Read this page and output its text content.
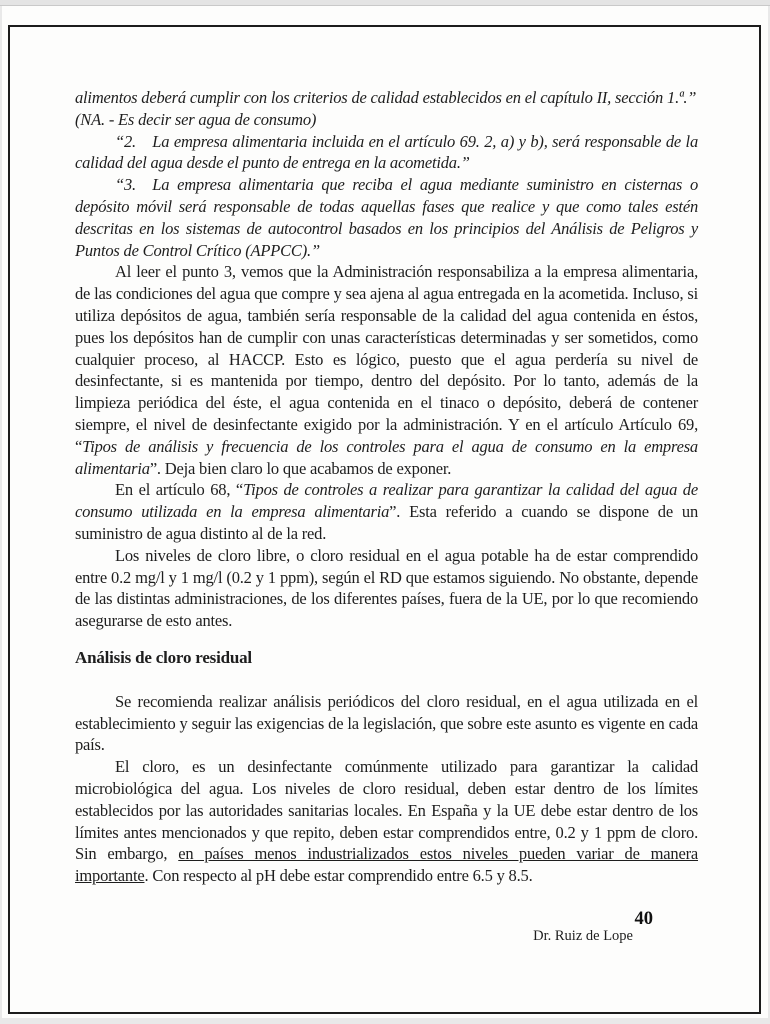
alimentos deberá cumplir con los criterios de calidad establecidos en el capítulo II, sección 1.ª.”

(NA. - Es decir ser agua de consumo)

“2. La empresa alimentaria incluida en el artículo 69. 2, a) y b), será responsable de la calidad del agua desde el punto de entrega en la acometida.”

“3. La empresa alimentaria que reciba el agua mediante suministro en cisternas o depósito móvil será responsable de todas aquellas fases que realice y que como tales estén descritas en los sistemas de autocontrol basados en los principios del Análisis de Peligros y Puntos de Control Crítico (APPCC).”

Al leer el punto 3, vemos que la Administración responsabiliza a la empresa alimentaria, de las condiciones del agua que compre y sea ajena al agua entregada en la acometida. Incluso, si utiliza depósitos de agua, también sería responsable de la calidad del agua contenida en éstos, pues los depósitos han de cumplir con unas características determinadas y ser sometidos, como cualquier proceso, al HACCP. Esto es lógico, puesto que el agua perdería su nivel de desinfectante, si es mantenida por tiempo, dentro del depósito. Por lo tanto, además de la limpieza periódica del éste, el agua contenida en el tinaco o depósito, deberá de contener siempre, el nivel de desinfectante exigido por la administración. Y en el artículo Artículo 69, “Tipos de análisis y frecuencia de los controles para el agua de consumo en la empresa alimentaria”. Deja bien claro lo que acabamos de exponer.

En el artículo 68, “Tipos de controles a realizar para garantizar la calidad del agua de consumo utilizada en la empresa alimentaria”. Esta referido a cuando se dispone de un suministro de agua distinto al de la red.

Los niveles de cloro libre, o cloro residual en el agua potable ha de estar comprendido entre 0.2 mg/l y 1 mg/l (0.2 y 1 ppm), según el RD que estamos siguiendo. No obstante, depende de las distintas administraciones, de los diferentes países, fuera de la UE, por lo que recomiendo asegurarse de esto antes.

Análisis de cloro residual

Se recomienda realizar análisis periódicos del cloro residual, en el agua utilizada en el establecimiento y seguir las exigencias de la legislación, que sobre este asunto es vigente en cada país.

El cloro, es un desinfectante comúnmente utilizado para garantizar la calidad microbiológica del agua. Los niveles de cloro residual, deben estar dentro de los límites establecidos por las autoridades sanitarias locales. En España y la UE debe estar dentro de los límites antes mencionados y que repito, deben estar comprendidos entre, 0.2 y 1 ppm de cloro. Sin embargo, en países menos industrializados estos niveles pueden variar de manera importante. Con respecto al pH debe estar comprendido entre 6.5 y 8.5.

40
Dr. Ruiz de Lope
